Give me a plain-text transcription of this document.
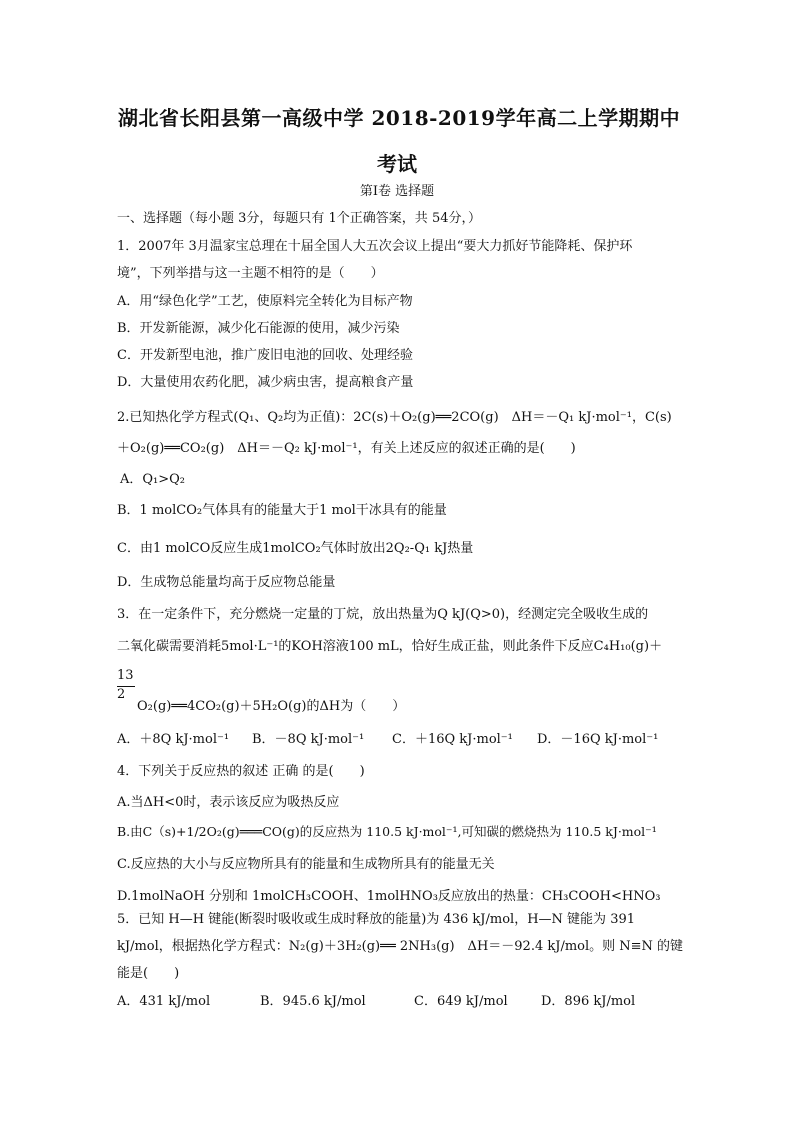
湖北省长阳县第一高级中学 2018-2019学年高二上学期期中
考试
第Ⅰ卷 选择题
一、选择题（每小题 3分，每题只有 1个正确答案，共 54分，）
1．2007年 3月温家宝总理在十届全国人大五次会议上提出“要大力抓好节能降耗、保护环
境”，下列举措与这一主题不相符的是（　　）
A．用“绿色化学”工艺，使原料完全转化为目标产物
B．开发新能源，减少化石能源的使用，减少污染
C．开发新型电池，推广废旧电池的回收、处理经验
D．大量使用农药化肥，减少病虫害，提高粮食产量
2.已知热化学方程式(Q₁、Q₂均为正值)：2C(s)＋O₂(g)══2CO(g)　ΔH＝－Q₁ kJ·mol⁻¹，C(s)
＋O₂(g)══CO₂(g)　ΔH＝－Q₂ kJ·mol⁻¹，有关上述反应的叙述正确的是(　　)
A．Q₁>Q₂
B．1 molCO₂气体具有的能量大于1 mol干冰具有的能量
C．由1 molCO反应生成1molCO₂气体时放出2Q₂-Q₁ kJ热量
D．生成物总能量均高于反应物总能量
3．在一定条件下，充分燃烧一定量的丁烷，放出热量为Q kJ(Q>0)，经测定完全吸收生成的
二氧化碳需要消耗5mol·L⁻¹的KOH溶液100 mL，恰好生成正盐，则此条件下反应C₄H₁₀(g)＋
13
2
O₂(g)══4CO₂(g)＋5H₂O(g)的ΔH为（　　）
A．＋8Q kJ·mol⁻¹ B．－8Q kJ·mol⁻¹ C．＋16Q kJ·mol⁻¹ D．－16Q kJ·mol⁻¹
4．下列关于反应热的叙述 正确 的是(　　)
A.当ΔH<0时，表示该反应为吸热反应
B.由C（s)+1/2O₂(g)═══CO(g)的反应热为 110.5 kJ·mol⁻¹,可知碳的燃烧热为 110.5 kJ·mol⁻¹
C.反应热的大小与反应物所具有的能量和生成物所具有的能量无关
D.1molNaOH 分别和 1molCH₃COOH、1molHNO₃反应放出的热量：CH₃COOH<HNO₃
5．已知 H—H 键能(断裂时吸收或生成时释放的能量)为 436 kJ/mol，H—N 键能为 391
kJ/mol，根据热化学方程式：N₂(g)＋3H₂(g)══ 2NH₃(g)　ΔH＝－92.4 kJ/mol。则 N≡N 的键
能是(　　)
A．431 kJ/mol	B．945.6 kJ/mol	C．649 kJ/mol	D．896 kJ/mol
